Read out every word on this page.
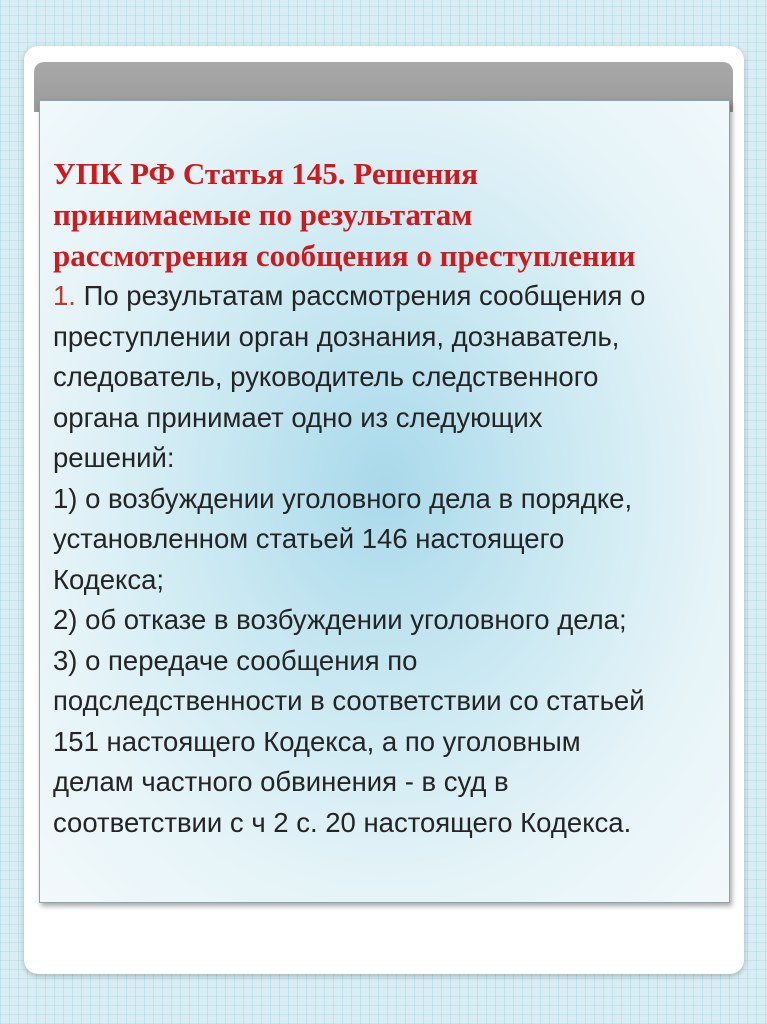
УПК РФ Статья 145. Решения
принимаемые по результатам
рассмотрения сообщения о преступлении

1. По результатам рассмотрения сообщения о
преступлении орган дознания, дознаватель,
следователь, руководитель следственного
органа принимает одно из следующих
решений:
1) о возбуждении уголовного дела в порядке,
установленном статьей 146 настоящего
Кодекса;
2) об отказе в возбуждении уголовного дела;
3) о передаче сообщения по
подследственности в соответствии со статьей
151 настоящего Кодекса, а по уголовным
делам частного обвинения - в суд в
соответствии с ч 2 с. 20 настоящего Кодекса.
